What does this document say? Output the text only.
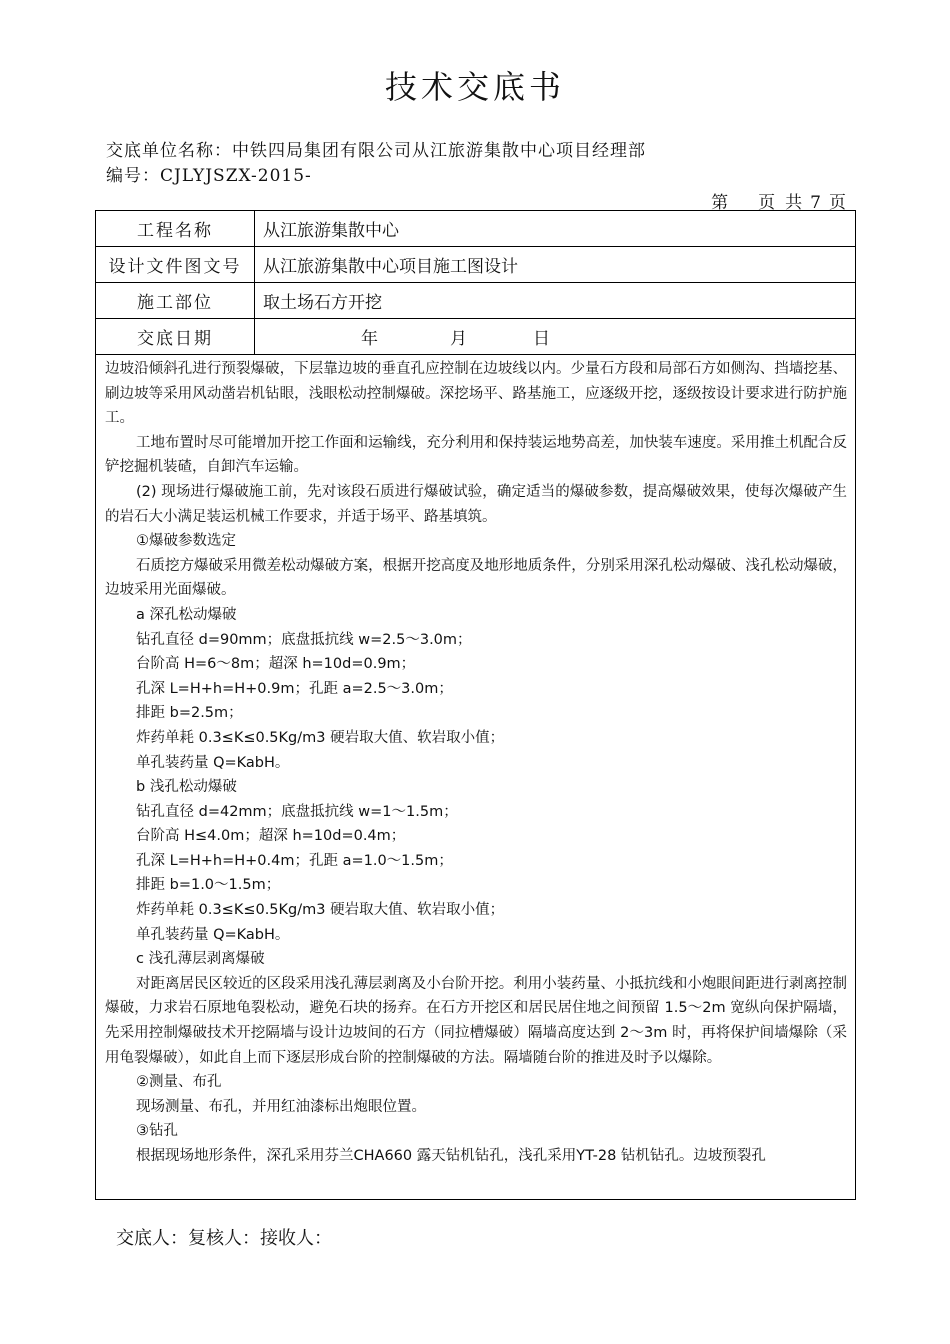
技术交底书
交底单位名称：中铁四局集团有限公司从江旅游集散中心项目经理部
编号：CJLYJSZX-2015-
第 页 共 7 页
工程名称	从江旅游集散中心
设计文件图文号	从江旅游集散中心项目施工图设计
施工部位	取土场石方开挖
交底日期	年 月 日

边坡沿倾斜孔进行预裂爆破，下层靠边坡的垂直孔应控制在边坡线以内。少量石方段和局部石方如侧沟、挡墙挖基、刷边坡等采用风动凿岩机钻眼，浅眼松动控制爆破。深挖场平、路基施工，应逐级开挖，逐级按设计要求进行防护施工。

工地布置时尽可能增加开挖工作面和运输线，充分利用和保持装运地势高差，加快装车速度。采用推土机配合反铲挖掘机装碴，自卸汽车运输。

(2) 现场进行爆破施工前，先对该段石质进行爆破试验，确定适当的爆破参数，提高爆破效果，使每次爆破产生的岩石大小满足装运机械工作要求，并适于场平、路基填筑。

①爆破参数选定

石质挖方爆破采用微差松动爆破方案，根据开挖高度及地形地质条件，分别采用深孔松动爆破、浅孔松动爆破，边坡采用光面爆破。

a 深孔松动爆破

钻孔直径 d=90mm；底盘抵抗线 w=2.5～3.0m；

台阶高 H=6～8m；超深 h=10d=0.9m；

孔深 L=H+h=H+0.9m；孔距 a=2.5～3.0m；

排距 b=2.5m；

炸药单耗 0.3≤K≤0.5Kg/m3 硬岩取大值、软岩取小值；

单孔装药量 Q=KabH。

b 浅孔松动爆破

钻孔直径 d=42mm；底盘抵抗线 w=1～1.5m；

台阶高 H≤4.0m；超深 h=10d=0.4m；

孔深 L=H+h=H+0.4m；孔距 a=1.0～1.5m；

排距 b=1.0～1.5m；

炸药单耗 0.3≤K≤0.5Kg/m3 硬岩取大值、软岩取小值；

单孔装药量 Q=KabH。

c 浅孔薄层剥离爆破

对距离居民区较近的区段采用浅孔薄层剥离及小台阶开挖。利用小装药量、小抵抗线和小炮眼间距进行剥离控制爆破，力求岩石原地龟裂松动，避免石块的扬弃。在石方开挖区和居民居住地之间预留 1.5～2m 宽纵向保护隔墙，先采用控制爆破技术开挖隔墙与设计边坡间的石方（同拉槽爆破）隔墙高度达到 2～3m 时，再将保护间墙爆除（采用龟裂爆破），如此自上而下逐层形成台阶的控制爆破的方法。隔墙随台阶的推进及时予以爆除。

②测量、布孔

现场测量、布孔，并用红油漆标出炮眼位置。

③钻孔

根据现场地形条件，深孔采用芬兰CHA660 露天钻机钻孔，浅孔采用YT-28 钻机钻孔。边坡预裂孔

交底人：复核人：接收人：
